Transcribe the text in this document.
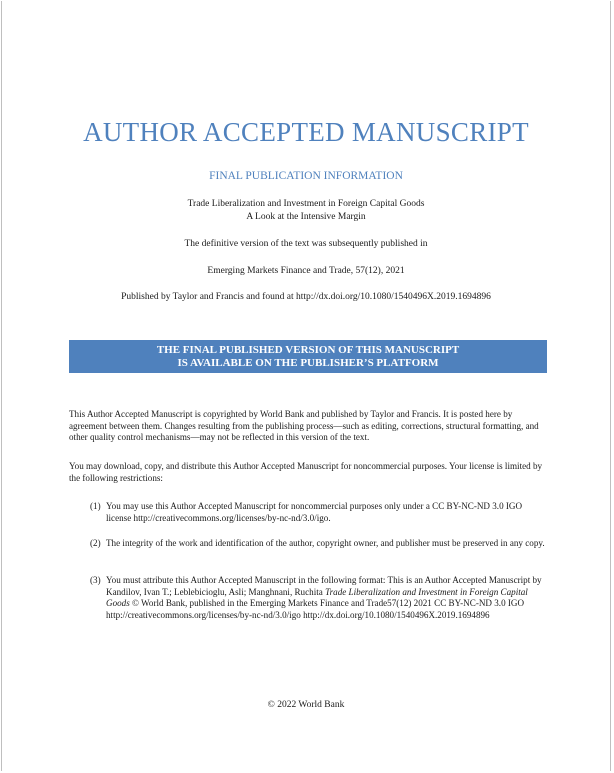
AUTHOR ACCEPTED MANUSCRIPT
FINAL PUBLICATION INFORMATION
Trade Liberalization and Investment in Foreign Capital Goods
A Look at the Intensive Margin
The definitive version of the text was subsequently published in
Emerging Markets Finance and Trade, 57(12), 2021
Published by Taylor and Francis and found at http://dx.doi.org/10.1080/1540496X.2019.1694896
THE FINAL PUBLISHED VERSION OF THIS MANUSCRIPT
IS AVAILABLE ON THE PUBLISHER’S PLATFORM
This Author Accepted Manuscript is copyrighted by World Bank and published by Taylor and Francis. It is posted here by agreement between them. Changes resulting from the publishing process—such as editing, corrections, structural formatting, and other quality control mechanisms—may not be reflected in this version of the text.
You may download, copy, and distribute this Author Accepted Manuscript for noncommercial purposes. Your license is limited by the following restrictions:
(1) You may use this Author Accepted Manuscript for noncommercial purposes only under a CC BY-NC-ND 3.0 IGO license http://creativecommons.org/licenses/by-nc-nd/3.0/igo.
(2) The integrity of the work and identification of the author, copyright owner, and publisher must be preserved in any copy.
(3) You must attribute this Author Accepted Manuscript in the following format: This is an Author Accepted Manuscript by Kandilov, Ivan T.; Leblebicioglu, Asli; Manghnani, Ruchita Trade Liberalization and Investment in Foreign Capital Goods © World Bank, published in the Emerging Markets Finance and Trade57(12) 2021 CC BY-NC-ND 3.0 IGO http://creativecommons.org/licenses/by-nc-nd/3.0/igo http://dx.doi.org/10.1080/1540496X.2019.1694896
© 2022 World Bank
